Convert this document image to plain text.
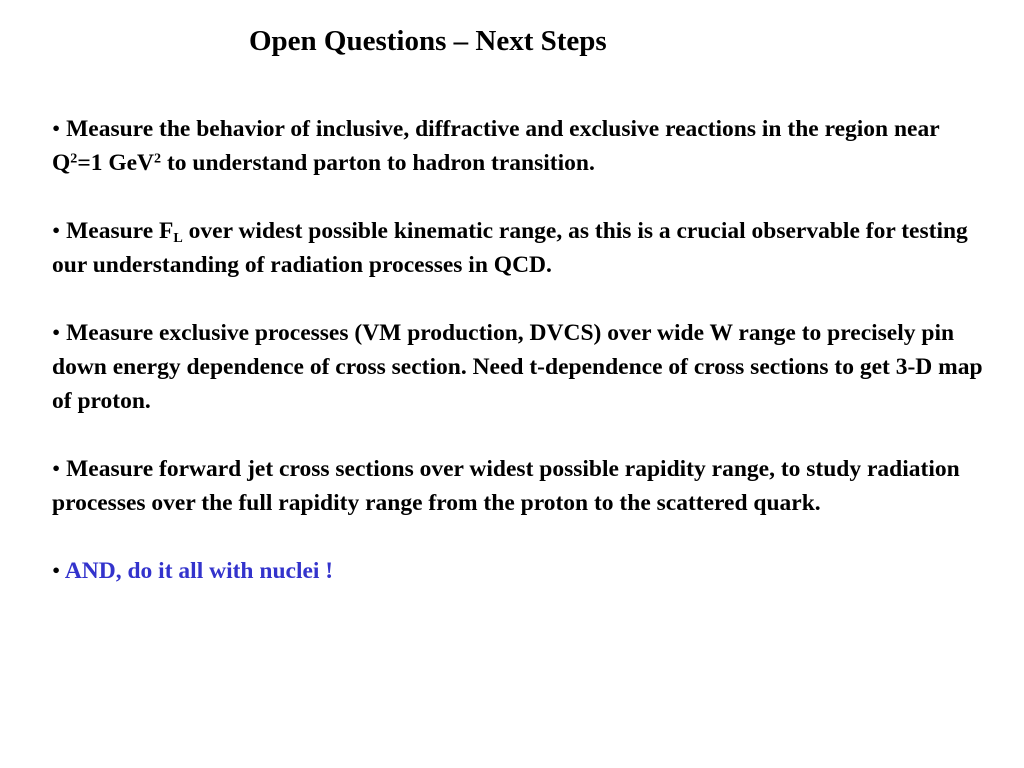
Open Questions – Next Steps
• Measure the behavior of inclusive, diffractive and exclusive reactions in the region near $Q^2=1$ GeV$^2$ to understand parton to hadron transition.
• Measure $F_L$ over widest possible kinematic range, as this is a crucial observable for testing our understanding of radiation processes in QCD.
• Measure exclusive processes (VM production, DVCS) over wide W range to precisely pin down energy dependence of cross section. Need t-dependence of cross sections to get 3-D map of proton.
• Measure forward jet cross sections over widest possible rapidity range, to study radiation processes over the full rapidity range from the proton to the scattered quark.
• AND, do it all with nuclei !
